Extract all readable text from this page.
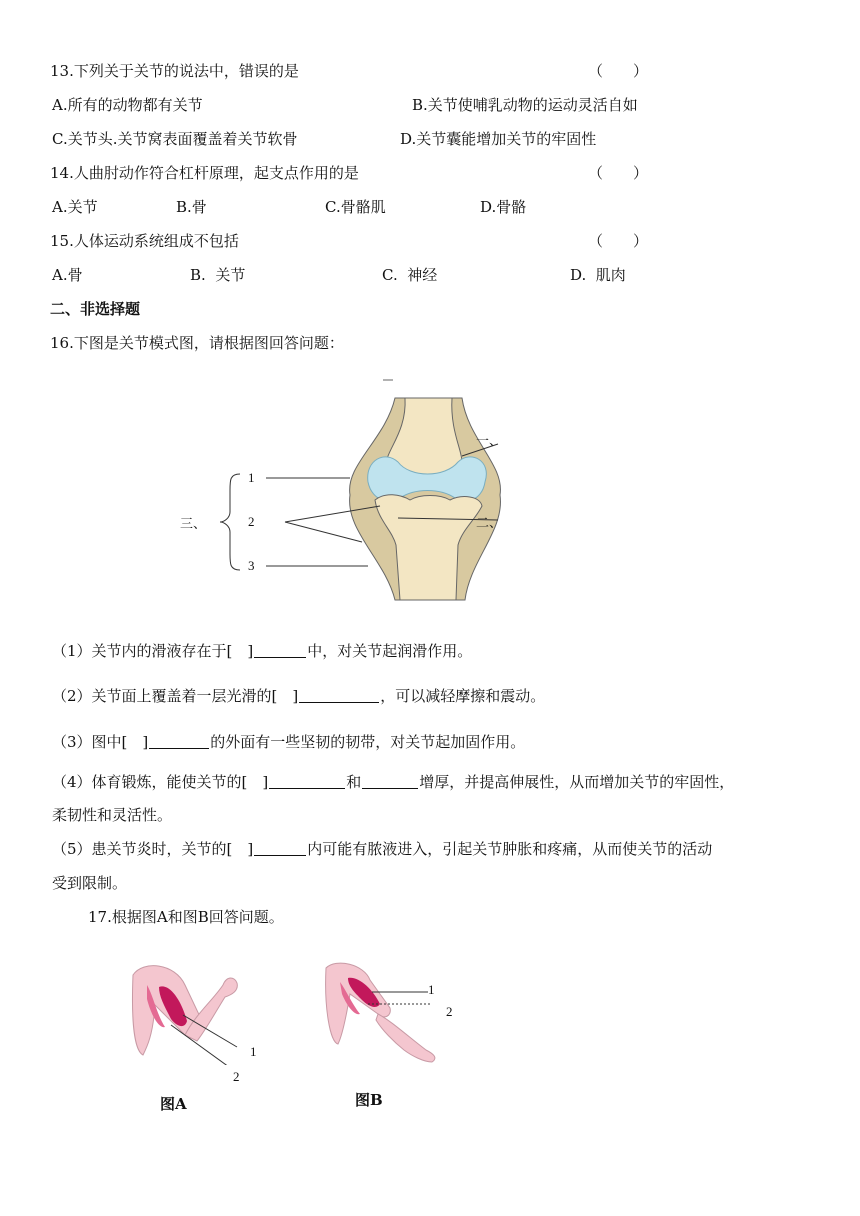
13.下列关于关节的说法中，错误的是	（　　）
A.所有的动物都有关节	B.关节使哺乳动物的运动灵活自如
C.关节头.关节窝表面覆盖着关节软骨	D.关节囊能增加关节的牢固性
14.人曲肘动作符合杠杆原理，起支点作用的是	（　　）
A.关节	B.骨	C.骨骼肌	D.骨骼
15.人体运动系统组成不包括	（　　）
A.骨	B.  关节	C.  神经	D.  肌肉
二、非选择题
16.下图是关节模式图，请根据图回答问题：
一、
二、
三、
1
2
3
（1）关节内的滑液存在于[　]	中，对关节起润滑作用。
（2）关节面上覆盖着一层光滑的[　]	，可以减轻摩擦和震动。
（3）图中[　]	的外面有一些坚韧的韧带，对关节起加固作用。
（4）体育锻炼，能使关节的[　]	和	增厚，并提高伸展性，从而增加关节的牢固性，
柔韧性和灵活性。
（5）患关节炎时，关节的[　]	内可能有脓液进入，引起关节肿胀和疼痛，从而使关节的活动
受到限制。
17.根据图A和图B回答问题。
1
2
图A
1
2
图B
